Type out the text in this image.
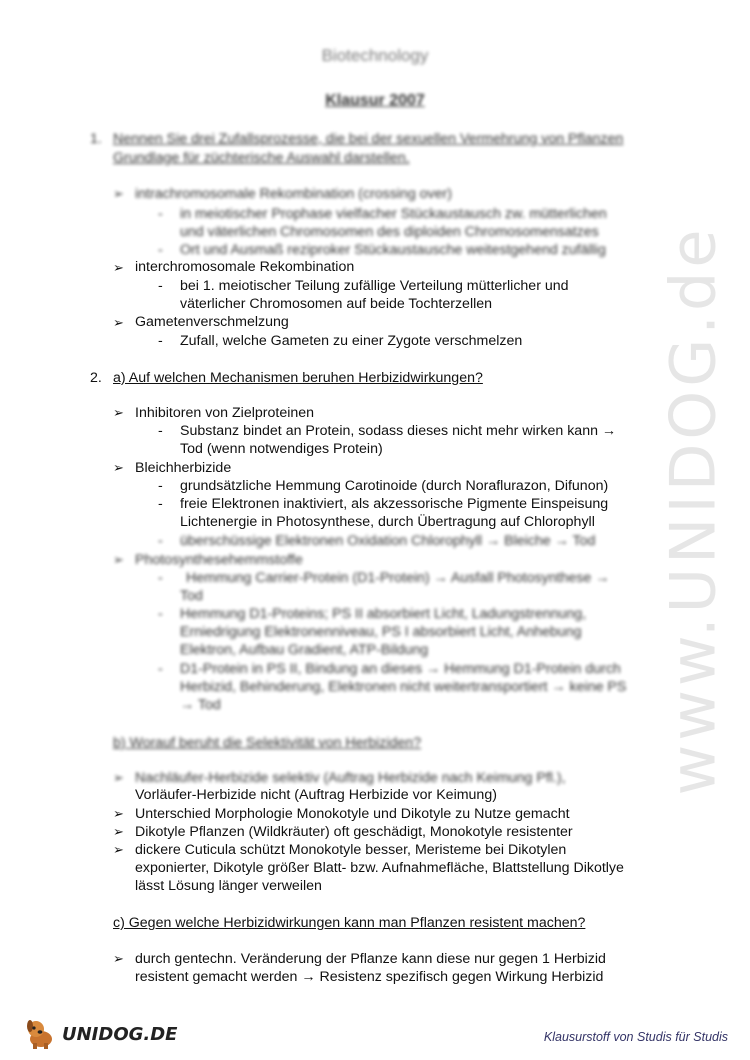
www.UNIDOG.de
Biotechnology
Klausur 2007
1. Nennen Sie drei Zufallsprozesse, die bei der sexuellen Vermehrung von Pflanzen
Grundlage für züchterische Auswahl darstellen.
➢ intrachromosomale Rekombination (crossing over)
- in meiotischer Prophase vielfacher Stückaustausch zw. mütterlichen
und väterlichen Chromosomen des diploiden Chromosomensatzes
- Ort und Ausmaß reziproker Stückaustausche weitestgehend zufällig
➢ interchromosomale Rekombination
- bei 1. meiotischer Teilung zufällige Verteilung mütterlicher und
väterlicher Chromosomen auf beide Tochterzellen
➢ Gametenverschmelzung
- Zufall, welche Gameten zu einer Zygote verschmelzen
2. a) Auf welchen Mechanismen beruhen Herbizidwirkungen?
➢ Inhibitoren von Zielproteinen
- Substanz bindet an Protein, sodass dieses nicht mehr wirken kann →
Tod (wenn notwendiges Protein)
➢ Bleichherbizide
- grundsätzliche Hemmung Carotinoide (durch Noraflurazon, Difunon)
- freie Elektronen inaktiviert, als akzessorische Pigmente Einspeisung
Lichtenergie in Photosynthese, durch Übertragung auf Chlorophyll
- überschüssige Elektronen Oxidation Chlorophyll → Bleiche → Tod
➢ Photosynthesehemmstoffe
- Hemmung Carrier-Protein (D1-Protein) → Ausfall Photosynthese →
Tod
- Hemmung D1-Proteins; PS II absorbiert Licht, Ladungstrennung,
Erniedrigung Elektronenniveau, PS I absorbiert Licht, Anhebung
Elektron, Aufbau Gradient, ATP-Bildung
- D1-Protein in PS II, Bindung an dieses → Hemmung D1-Protein durch
Herbizid, Behinderung, Elektronen nicht weitertransportiert → keine PS
→ Tod
b) Worauf beruht die Selektivität von Herbiziden?
➢ Nachläufer-Herbizide selektiv (Auftrag Herbizide nach Keimung Pfl.),
Vorläufer-Herbizide nicht (Auftrag Herbizide vor Keimung)
➢ Unterschied Morphologie Monokotyle und Dikotyle zu Nutze gemacht
➢ Dikotyle Pflanzen (Wildkräuter) oft geschädigt, Monokotyle resistenter
➢ dickere Cuticula schützt Monokotyle besser, Meristeme bei Dikotylen
exponierter, Dikotyle größer Blatt- bzw. Aufnahmefläche, Blattstellung Dikotlye
lässt Lösung länger verweilen
c) Gegen welche Herbizidwirkungen kann man Pflanzen resistent machen?
➢ durch gentechn. Veränderung der Pflanze kann diese nur gegen 1 Herbizid
resistent gemacht werden → Resistenz spezifisch gegen Wirkung Herbizid
UNIDOG.DE	Klausurstoff von Studis für Studis
